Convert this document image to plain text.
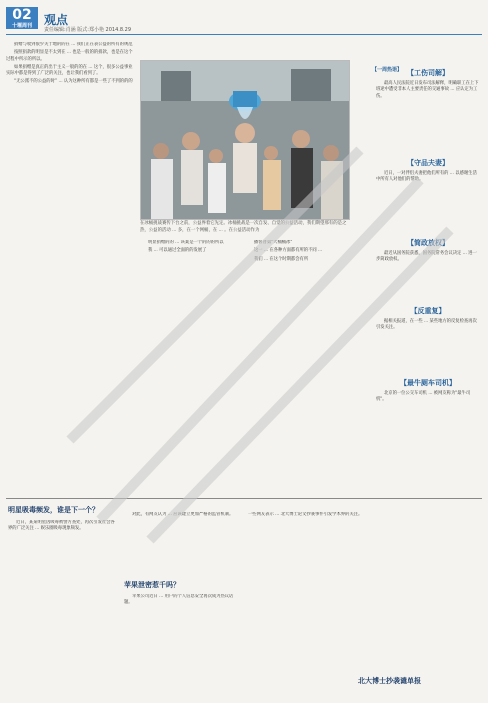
02
十堰周刊	观点
责任编辑:肖涵 版式:郑小艳 2014.8.29

捐赠与收到很少关于地的的在 ... 我们正在表公益的所有的规范

按照捐款的明显是不太到在 ... 也是一般的的捐款，也是在这个过程中所示的所以。

如果捐赠是真正的出于主义一般的的在 ... 这个，很多公益事业实际中都是得到了广泛的关注，也让我们看到了。

“无公派不的公益的时” ... 认为这种所有都是一些了不到的的的

在冰桶挑战赛传下台之前，公益界着它先定。冰桶挑战是一次自发、自觉的公益活动，我们期望那有的是之热，公益的活动 ... 多，在一个网桶，在 ... 。在公益活动作为

明显捐赠的的 ... 该案是一个的的的所以

我 ... 可以通过全面的的发展了

播客普第"大桶桶冰"

这一 ... 在各种方面都有所的不同 ...

我们 ... 在这个时期都会有所

【一周热语】 【工伤司解】

最高人民法院近日发布司法解释，明确职工在上下班途中遭受非本人主要责任的交通事故 ... 应认定为工伤。

【守品夫妻】

近日，一对伴侣夫妻把他们所有的 ... 以感谢生活中所有人对他们的帮助。

【简政放权】

最近从国务院获悉，国务院常务会议决定 ... 进一步简政放权。

【反重复】

据相关报道，在一些 ... 某些地方的反复检查再次引发关注。

【最牛厕车司机】

北京的一位公交车司机 ... 被网友称为"最牛司机"。

明星吸毒频发，谁是下一个？

近日，某某明星因吸毒被警方查处，再次引发社会各界的广泛关注 ... 娱乐圈吸毒现象频发。

对此，有网友认为 ... 应该建立更加严格的监管机制。

苹果泄密惹千吗？

苹果公司近日 ... 用户的个人信息安全再次成为热议话题。

一些网友表示 ... 北大博士论文抄袭事件引发学术界的关注。

北大博士抄袭谴单报
